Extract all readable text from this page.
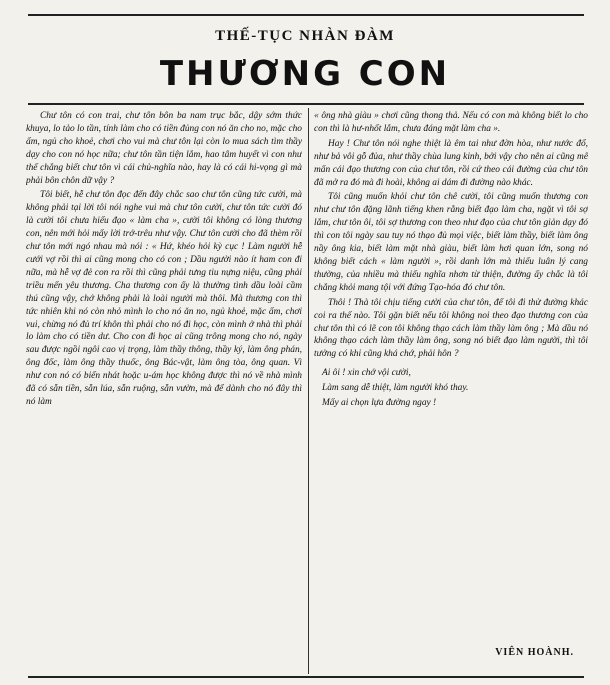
THẾ-TỤC NHÀN ĐÀM
THƯƠNG CON

Chư tôn có con trai, chư tôn bôn ba nam trục bắc, dậy sớm thức khuya, lo tảo lo tần, tính làm cho có tiền đủng con nó ăn cho no, mặc cho ấm, ngủ cho khoẻ, chơi cho vui mà chư tôn lại còn lo mua sách tìm thầy dạy cho con nó học nữa; chư tôn tần tiện lắm, hao tâm huyết vì con như thế chẳng biết chư tôn vì cái chủ-nghĩa nào, hay là có cái hi-vọng gì mà phải bôn chôn dữ vậy ?

Tôi biết, hễ chư tôn đọc đến đây chắc sao chư tôn cũng tức cười, mà không phải tại lời tôi nói nghe vui mà chư tôn cười, chư tôn tức cười đó là cười tôi chưa hiểu đạo « làm cha », cười tôi không có lòng thương con, nên mới hỏi mấy lời trớ-trêu như vậy. Chư tôn cười cho đã thèm rồi chư tôn mới ngó nhau mà nói : « Hứ, khéo hỏi kỳ cục ! Làm người hễ cưới vợ rồi thì ai cũng mong cho có con ; Dầu người nào ít ham con đi nữa, mà hễ vợ đẻ con ra rồi thì cũng phải tưng tiu nựng niệu, cũng phải triều mến yêu thương. Cha thương con ấy là thường tình dầu loài cầm thú cũng vậy, chớ không phải là loài người mà thôi. Mà thương con thì tức nhiên khi nó còn nhỏ mình lo cho nó ăn no, ngủ khoẻ, mặc ấm, chơi vui, chừng nó đủ trí khôn thì phải cho nó đi học, còn mình ở nhà thì phải lo làm cho có tiền dư. Cho con đi học ai cũng trông mong cho nó, ngày sau được ngồi ngôi cao vị trọng, làm thầy thông, thầy ký, làm ông phán, ông đốc, làm ông thầy thuốc, ông Bác-vật, làm ông tòa, ông quan. Vì như con nó có biến nhát hoặc u-ám học không được thì nó về nhà mình đã có sẵn tiền, sẵn lúa, sẵn ruộng, sẵn vườn, mà để dành cho nó đây thì nó làm

« ông nhà giàu » chơi cũng thong thả. Nếu có con mà không biết lo cho con thì là hư-nhốt lắm, chưa đáng mặt làm cha ».

Hay ! Chư tôn nói nghe thiệt là êm tai như đờn hòa, như nước đổ, như bả vôi gỗ đủa, như thầy chùa lung kinh, bởi vậy cho nên ai cũng mê mẩn cái đạo thương con của chư tôn, rồi cứ theo cái đường của chư tôn đã mở ra đó mà đi hoài, không ai dám đi đường nào khác.

Tôi cũng muốn khỏi chư tôn chê cười, tôi cũng muốn thương con như chư tôn đặng lãnh tiếng khen rằng biết đạo làm cha, ngặt vì tôi sợ lắm, chư tôn ôi, tôi sợ thương con theo như đạo của chư tôn giản dạy đó thì con tôi ngày sau tuy nó thạo đủ mọi việc, biết làm thầy, biết làm ông nầy ông kia, biết làm mặt nhà giàu, biết làm hơi quan lớn, song nó không biết cách « làm người », rồi danh lớn mà thiếu luân lý cang thường, của nhiều mà thiếu nghĩa nhơn từ thiện, đường ấy chắc là tôi chẳng khỏi mang tội với đứng Tạo-hóa đó chư tôn.

Thôi ! Thà tôi chịu tiếng cười của chư tôn, để tôi đi thử đường khác coi ra thế nào. Tôi gặn biết nếu tôi không noi theo đạo thương con của chư tôn thì có lẽ con tôi không thạo cách làm thầy làm ông ; Mà dầu nó không thạo cách làm thầy làm ông, song nó biết đạo làm người, thì tôi tưởng có khi cũng khá chớ, phải hôn ?

Ai ôi ! xin chớ vội cười,

Làm sang dễ thiệt, làm người khó thay.

Mấy ai chọn lựa đường ngay !

VIÊN HOÀNH.
